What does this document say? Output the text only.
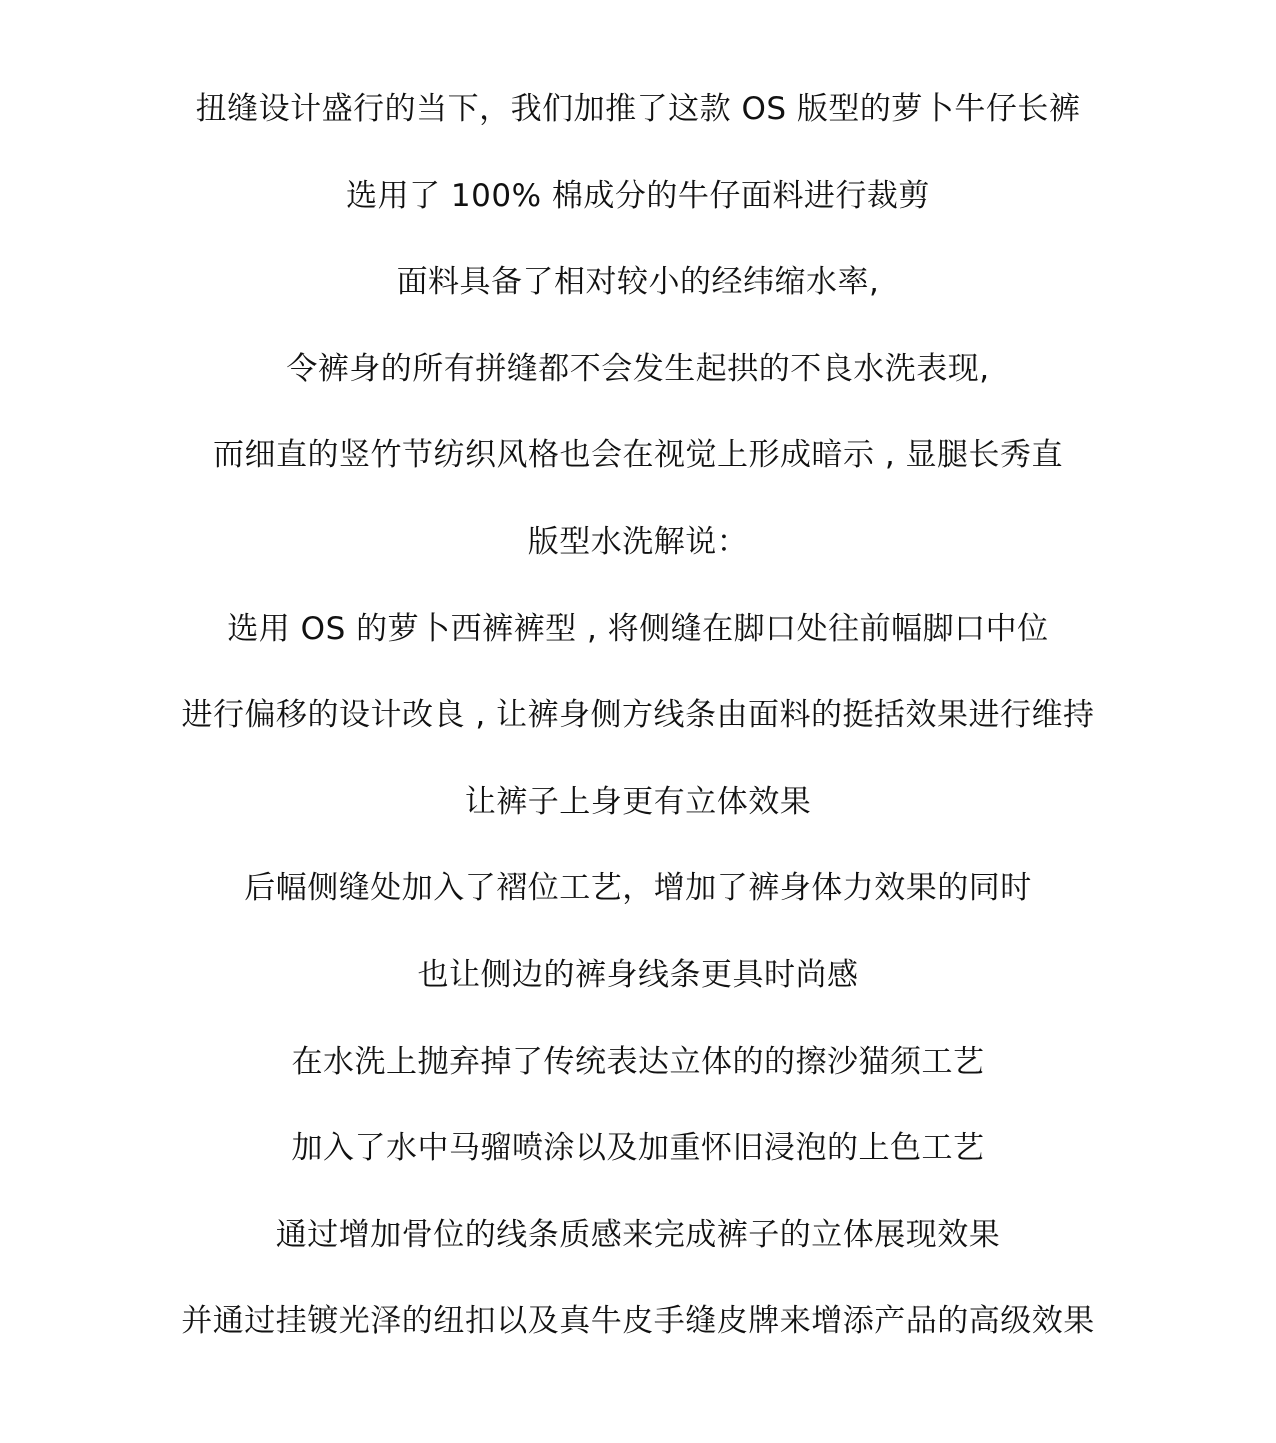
扭缝设计盛行的当下，我们加推了这款 OS 版型的萝卜牛仔长裤
选用了 100% 棉成分的牛仔面料进行裁剪
面料具备了相对较小的经纬缩水率,
令裤身的所有拼缝都不会发生起拱的不良水洗表现,
而细直的竖竹节纺织风格也会在视觉上形成暗示 , 显腿长秀直
版型水洗解说：
选用 OS 的萝卜西裤裤型 , 将侧缝在脚口处往前幅脚口中位
进行偏移的设计改良 , 让裤身侧方线条由面料的挺括效果进行维持
让裤子上身更有立体效果
后幅侧缝处加入了褶位工艺，增加了裤身体力效果的同时
也让侧边的裤身线条更具时尚感
在水洗上抛弃掉了传统表达立体的的擦沙猫须工艺
加入了水中马骝喷涂以及加重怀旧浸泡的上色工艺
通过增加骨位的线条质感来完成裤子的立体展现效果
并通过挂镀光泽的纽扣以及真牛皮手缝皮牌来增添产品的高级效果
